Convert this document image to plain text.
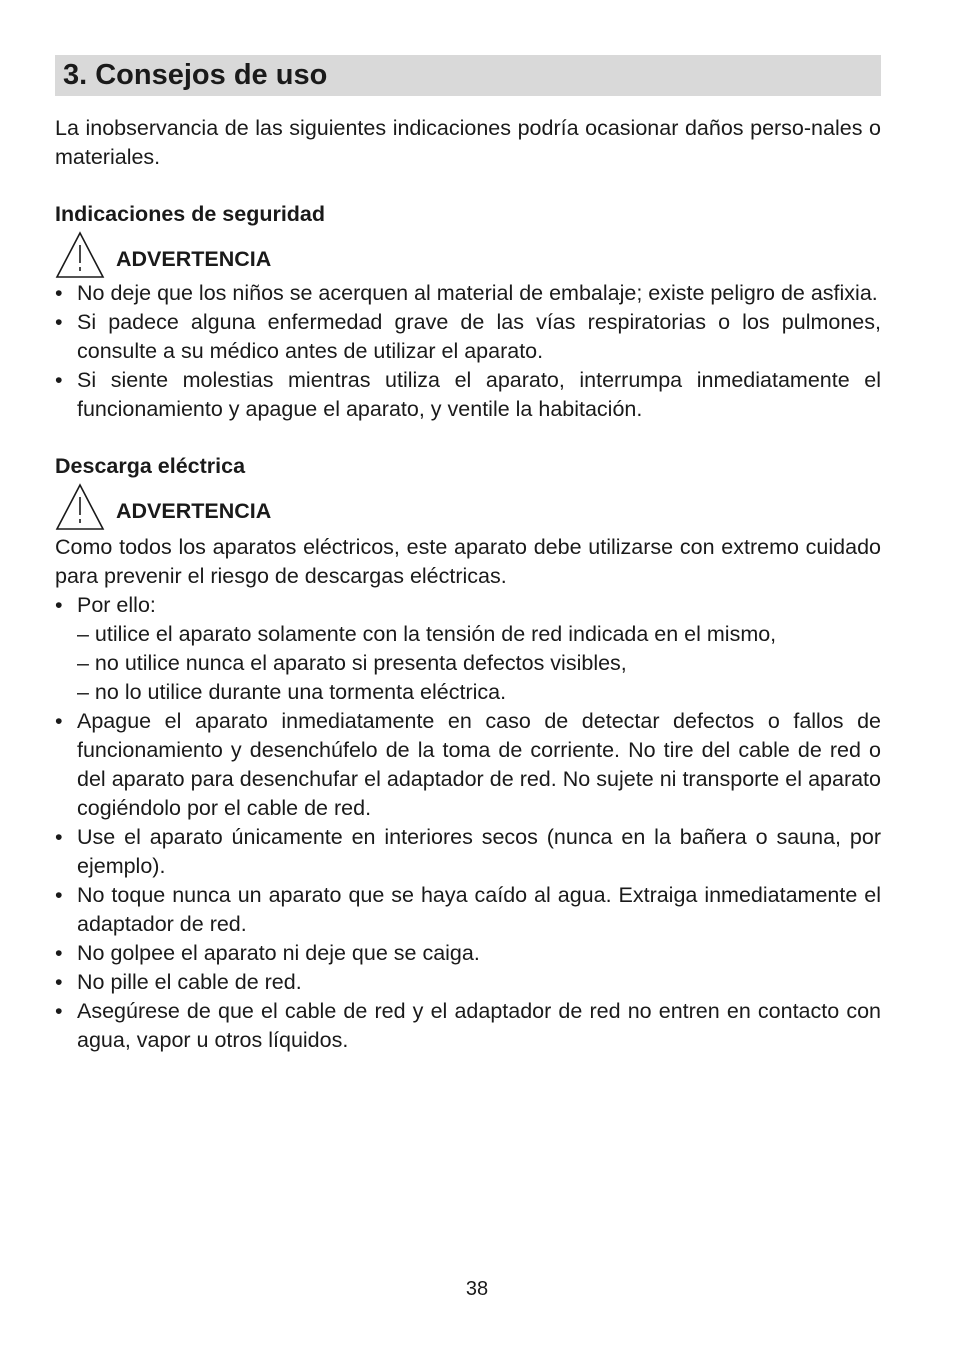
3. Consejos de uso

La inobservancia de las siguientes indicaciones podría ocasionar daños perso-nales o materiales.

Indicaciones de seguridad

ADVERTENCIA
• No deje que los niños se acerquen al material de embalaje; existe peligro de asfixia.
• Si padece alguna enfermedad grave de las vías respiratorias o los pulmones, consulte a su médico antes de utilizar el aparato.
• Si siente molestias mientras utiliza el aparato, interrumpa inmediatamente el funcionamiento y apague el aparato, y ventile la habitación.

Descarga eléctrica

ADVERTENCIA

Como todos los aparatos eléctricos, este aparato debe utilizarse con extremo cuidado para prevenir el riesgo de descargas eléctricas.

• Por ello:
– utilice el aparato solamente con la tensión de red indicada en el mismo,
– no utilice nunca el aparato si presenta defectos visibles,
– no lo utilice durante una tormenta eléctrica.
• Apague el aparato inmediatamente en caso de detectar defectos o fallos de funcionamiento y desenchúfelo de la toma de corriente. No tire del cable de red o del aparato para desenchufar el adaptador de red. No sujete ni transporte el aparato cogiéndolo por el cable de red.
• Use el aparato únicamente en interiores secos (nunca en la bañera o sauna, por ejemplo).
• No toque nunca un aparato que se haya caído al agua. Extraiga inmediatamente el adaptador de red.
• No golpee el aparato ni deje que se caiga.
• No pille el cable de red.
• Asegúrese de que el cable de red y el adaptador de red no entren en contacto con agua, vapor u otros líquidos.
38
